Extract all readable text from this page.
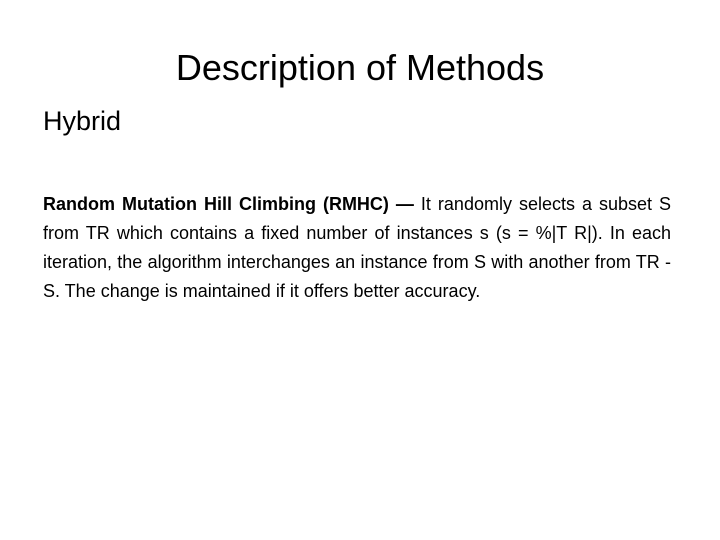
Description of Methods
Hybrid

Random Mutation Hill Climbing (RMHC) — It randomly selects a subset S from TR which contains a fixed number of instances s (s = %|T R|). In each iteration, the algorithm interchanges an instance from S with another from TR - S. The change is maintained if it offers better accuracy.
